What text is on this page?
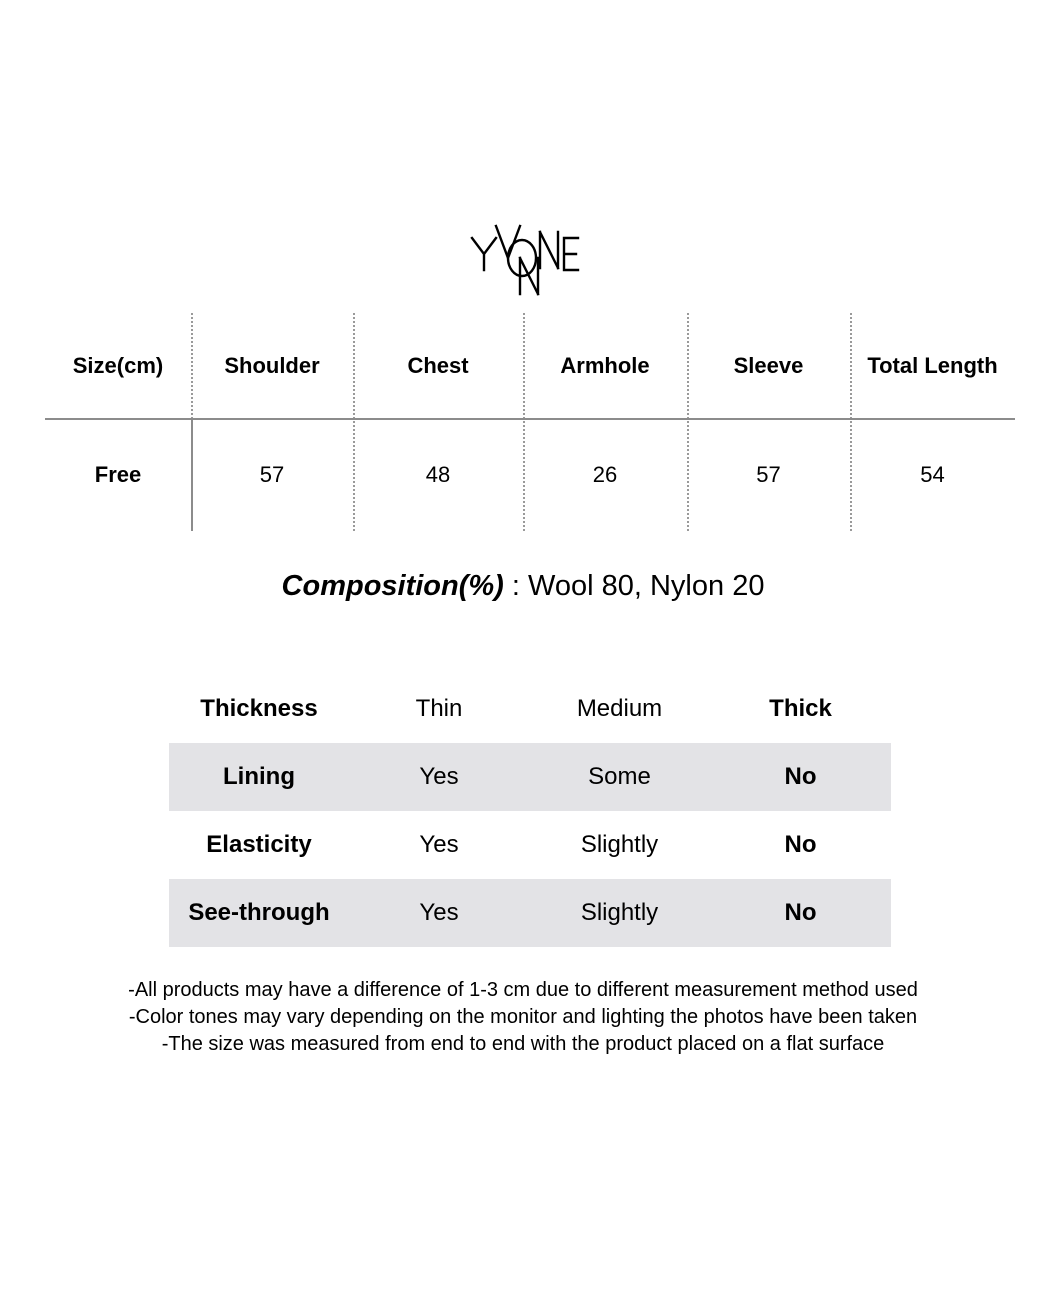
Size(cm)	Shoulder	Chest	Armhole	Sleeve	Total Length
Free	57	48	26	57	54
Composition(%) : Wool 80, Nylon 20
Thickness	Thin	Medium	Thick
Lining	Yes	Some	No
Elasticity	Yes	Slightly	No
See-through	Yes	Slightly	No
-All products may have a difference of 1-3 cm due to different measurement method used
-Color tones may vary depending on the monitor and lighting the photos have been taken
-The size was measured from end to end with the product placed on a flat surface
